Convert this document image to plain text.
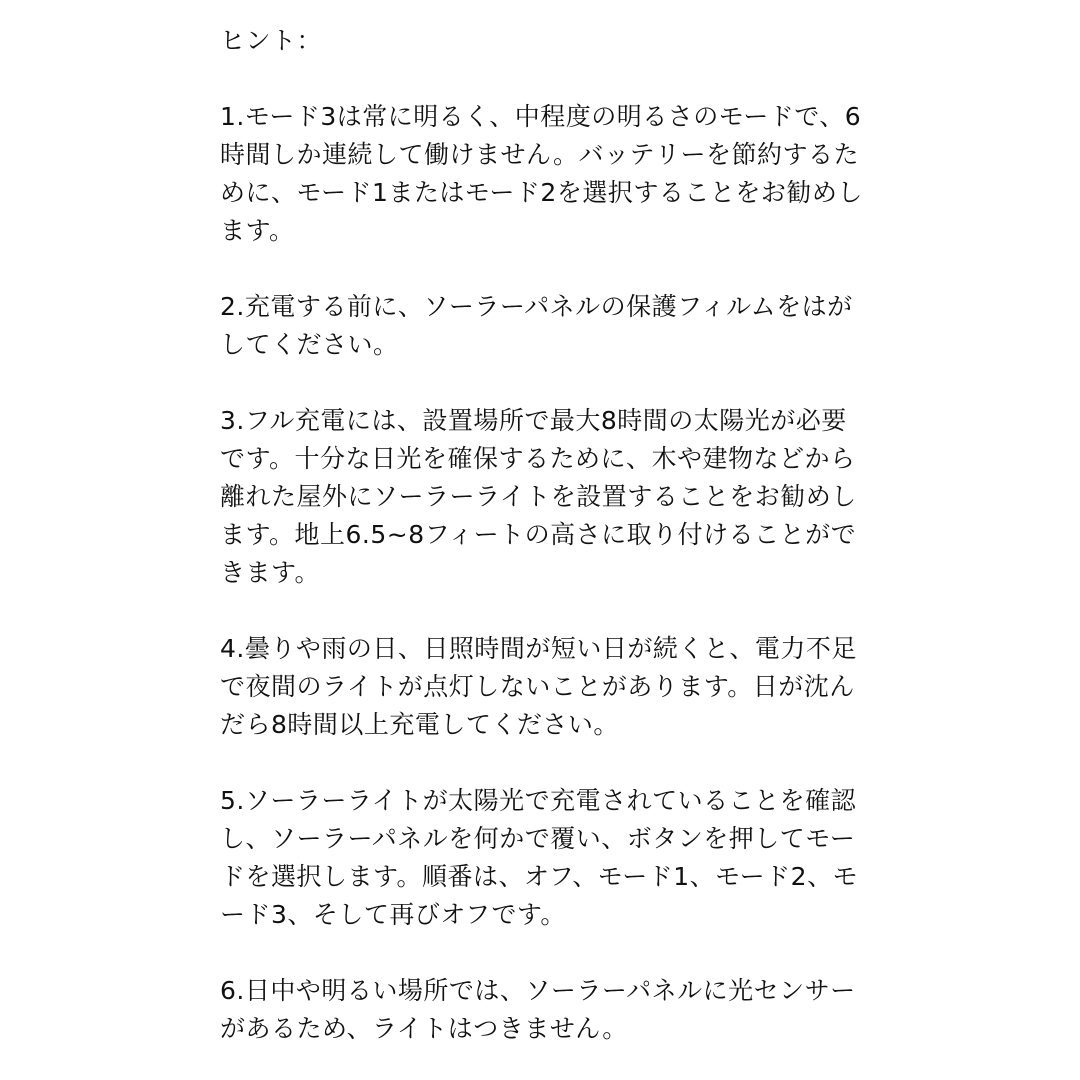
ヒント：

1.モード3は常に明るく、中程度の明るさのモードで、6
時間しか連続して働けません。バッテリーを節約するた
めに、モード1またはモード2を選択することをお勧めし
ます。

2.充電する前に、ソーラーパネルの保護フィルムをはが
してください。

3.フル充電には、設置場所で最大8時間の太陽光が必要
です。十分な日光を確保するために、木や建物などから
離れた屋外にソーラーライトを設置することをお勧めし
ます。地上6.5~8フィートの高さに取り付けることがで
きます。

4.曇りや雨の日、日照時間が短い日が続くと、電力不足
で夜間のライトが点灯しないことがあります。日が沈ん
だら8時間以上充電してください。

5.ソーラーライトが太陽光で充電されていることを確認
し、ソーラーパネルを何かで覆い、ボタンを押してモー
ドを選択します。順番は、オフ、モード1、モード2、モ
ード3、そして再びオフです。

6.日中や明るい場所では、ソーラーパネルに光センサー
があるため、ライトはつきません。
